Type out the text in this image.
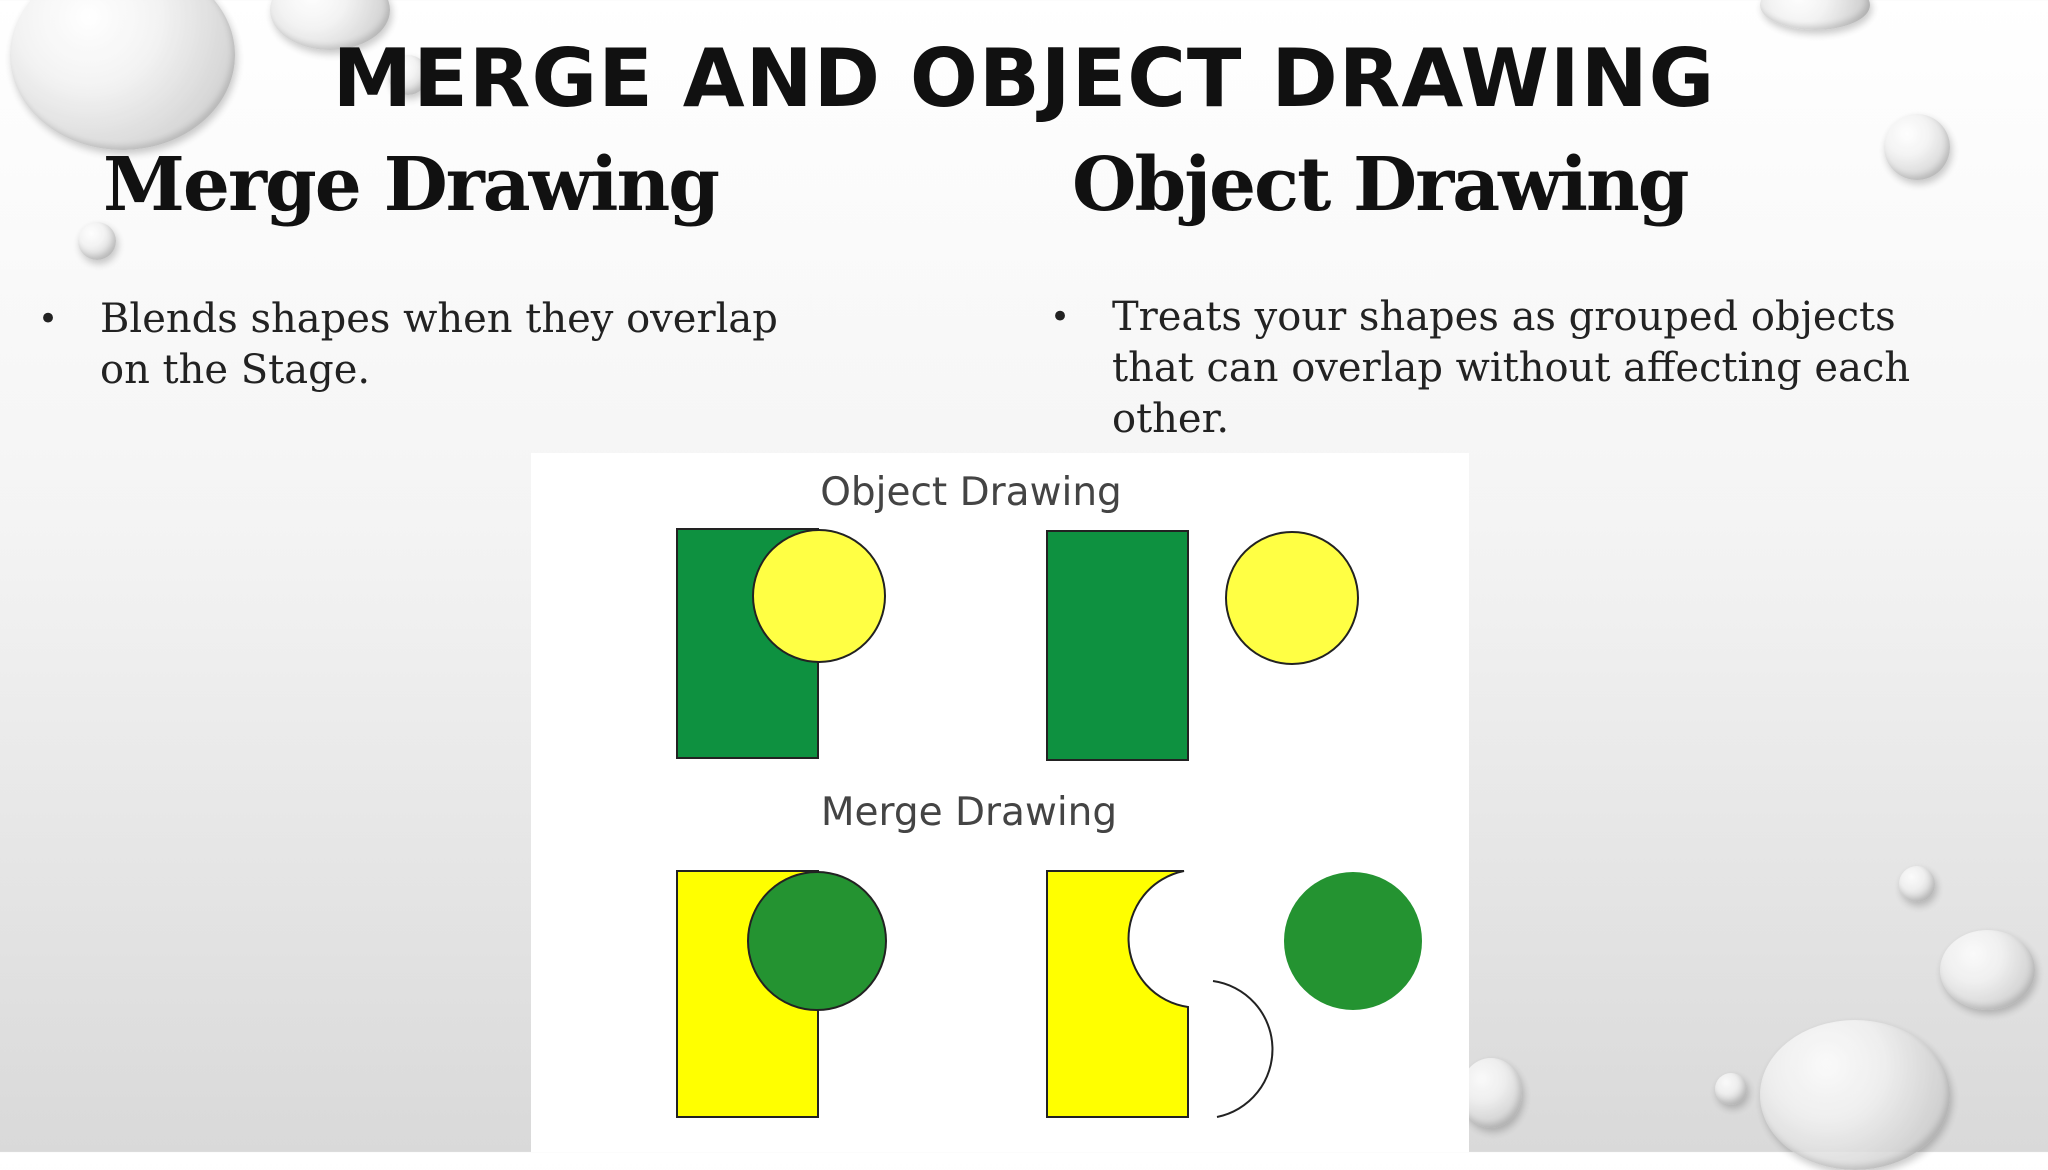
MERGE AND OBJECT DRAWING
Merge Drawing	Object Drawing
• Blends shapes when they overlap on the Stage.
• Treats your shapes as grouped objects that can overlap without affecting each other.
Object Drawing
Merge Drawing
